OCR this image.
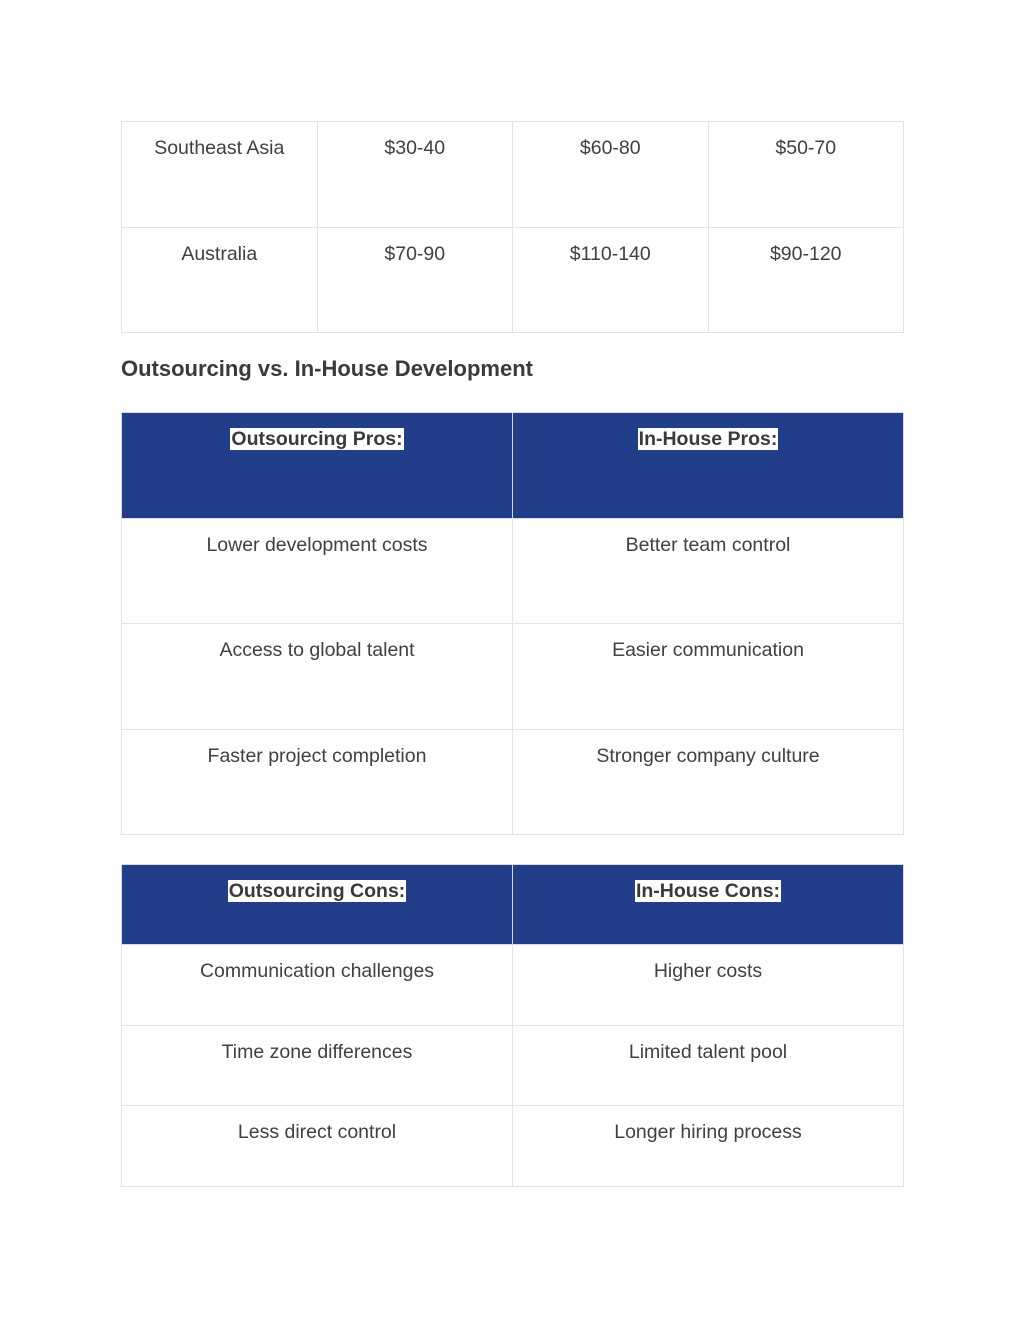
Southeast Asia	$30-40	$60-80	$50-70
Australia	$70-90	$110-140	$90-120
Outsourcing vs. In-House Development
Outsourcing Pros:	In-House Pros:
Lower development costs	Better team control
Access to global talent	Easier communication
Faster project completion	Stronger company culture
Outsourcing Cons:	In-House Cons:
Communication challenges	Higher costs
Time zone differences	Limited talent pool
Less direct control	Longer hiring process
